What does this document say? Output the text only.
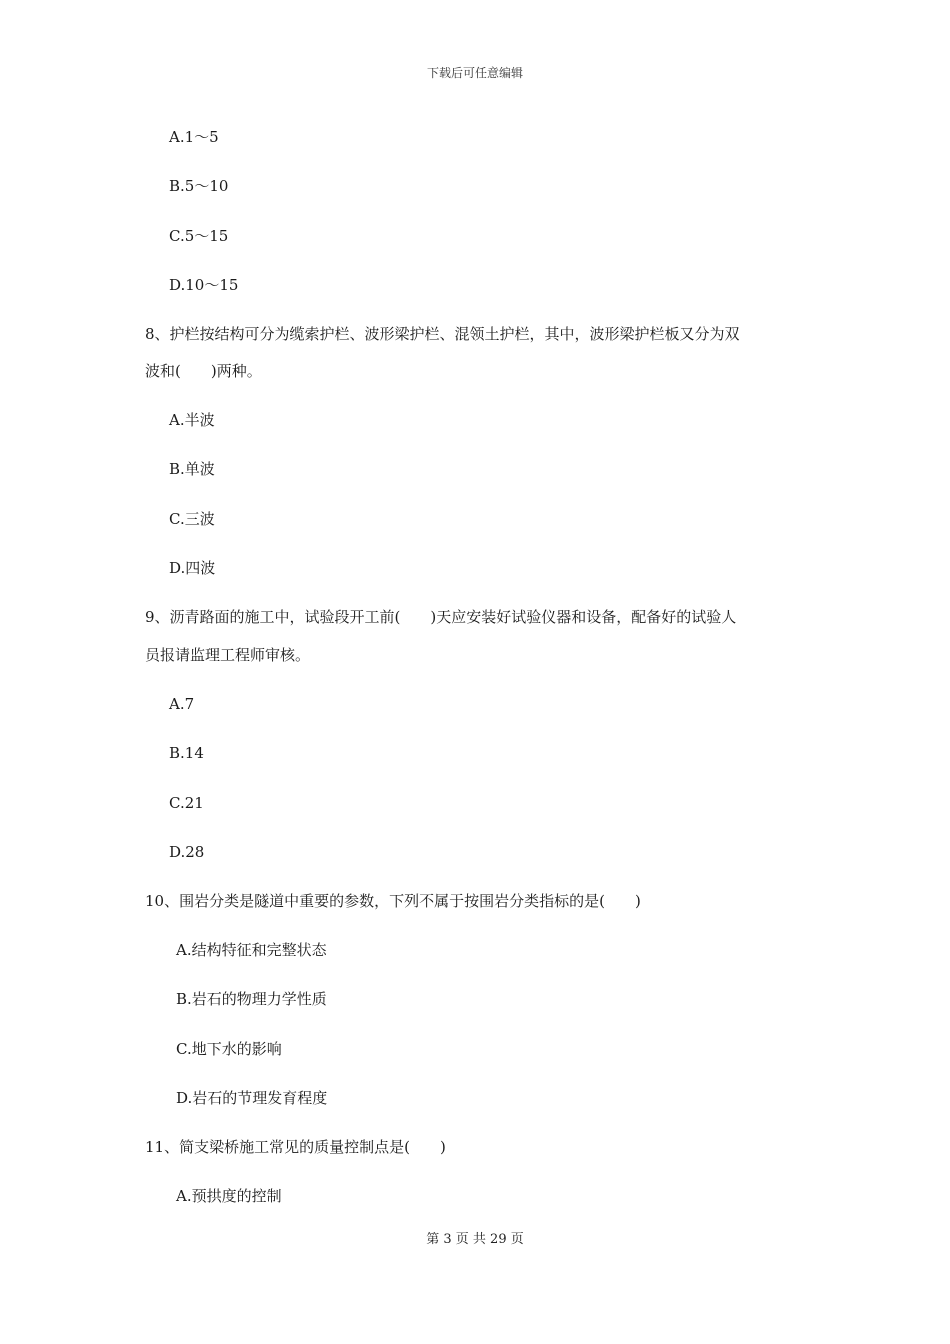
下载后可任意编辑
A.1～5
B.5～10
C.5～15
D.10～15
8、护栏按结构可分为缆索护栏、波形梁护栏、混领土护栏，其中，波形梁护栏板又分为双
波和(　　)两种。
A.半波
B.单波
C.三波
D.四波
9、沥青路面的施工中，试验段开工前(　　)天应安装好试验仪器和设备，配备好的试验人
员报请监理工程师审核。
A.7
B.14
C.21
D.28
10、围岩分类是隧道中重要的参数，下列不属于按围岩分类指标的是(　　)
A.结构特征和完整状态
B.岩石的物理力学性质
C.地下水的影响
D.岩石的节理发育程度
11、简支梁桥施工常见的质量控制点是(　　)
A.预拱度的控制
第 3 页 共 29 页
